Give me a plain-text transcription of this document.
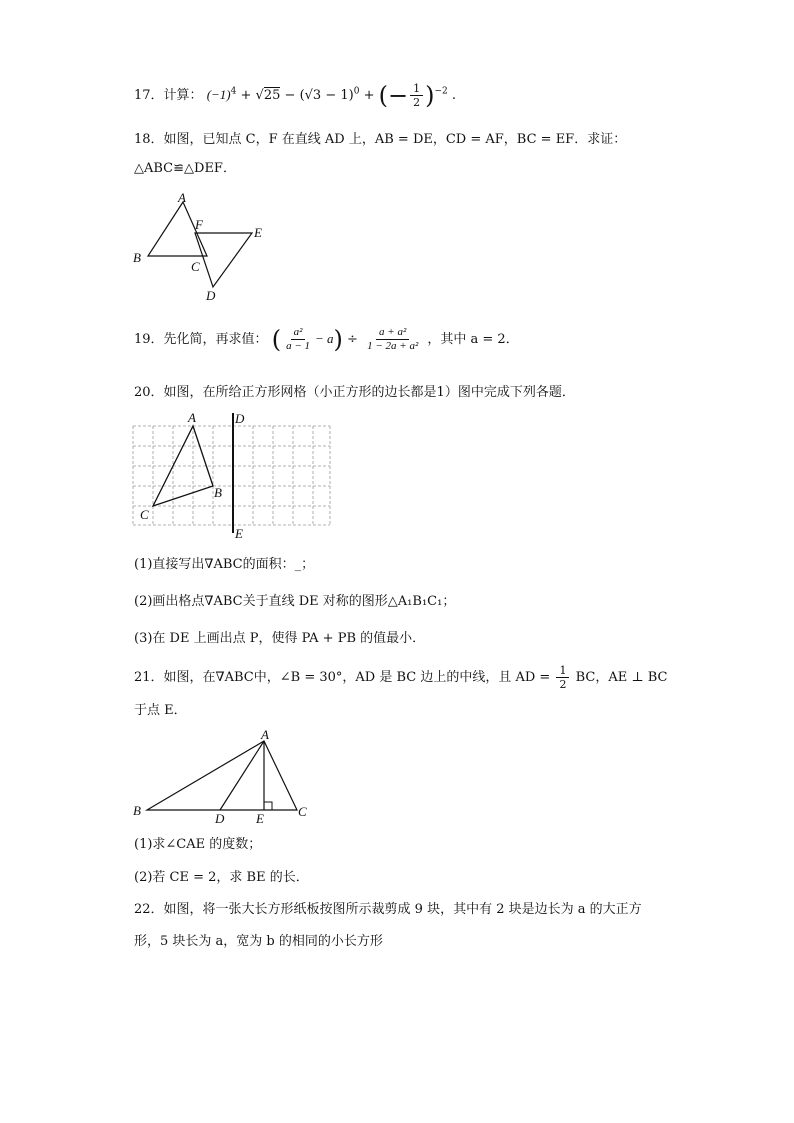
17．计算： $(-1)^4 + √25 - (√3 - 1)^0$ + (− $\frac{1}{2} )^{-2}$ .
18．如图，已知点 C，F 在直线 AD 上，AB = DE，CD = AF，BC = EF．求证：
△ABC≌△DEF．
A
B
C
D
E
F
19．先化简，再求值： ( $\frac{\text{a²}}{a - 1} - a) \div \frac{\text{a + a²}}{\text{1 − 2a + a²}}$ ，其中 a = 2．
20．如图，在所给正方形网格（小正方形的边长都是1）图中完成下列各题．
A
B
C
D
E
(1)直接写出∇ABC的面积：_；
(2)画出格点∇ABC关于直线 DE 对称的图形△A₁B₁C₁；
(3)在 DE 上画出点 P，使得 PA + PB 的值最小．
21．如图，在∇ABC中，∠B = 30°，AD 是 BC 边上的中线，且 AD = $\frac{1}{2}$ BC，AE ⊥ BC
于点 E．
A
B	C
D E
(1)求∠CAE 的度数；
(2)若 CE = 2，求 BE 的长．
22．如图，将一张大长方形纸板按图所示裁剪成 9 块，其中有 2 块是边长为 a 的大正方
形，5 块长为 a，宽为 b 的相同的小长方形
